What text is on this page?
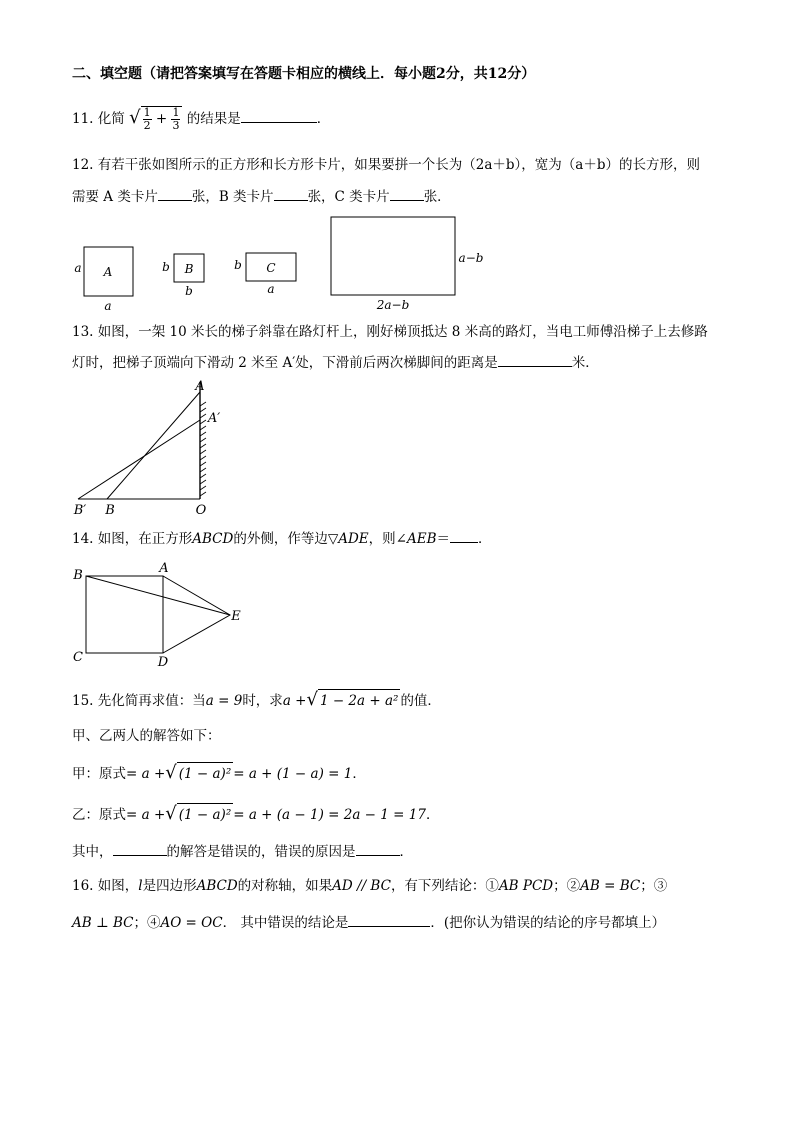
二、填空题（请把答案填写在答题卡相应的横线上．每小题2分，共12分）
11. 化简 √ $\frac{1}{2} + \frac{1}{3}$ 的结果是	．
12. 有若干张如图所示的正方形和长方形卡片，如果要拼一个长为（2a＋b），宽为（a＋b）的长方形，则
需要 A 类卡片	张，B 类卡片	张，C 类卡片	张．
A
a
a
B
b
b
C
b
a
a−b
2a−b
13. 如图，一架 10 米长的梯子斜靠在路灯杆上，刚好梯顶抵达 8 米高的路灯，当电工师傅沿梯子上去修路
灯时，把梯子顶端向下滑动 2 米至 A′处，下滑前后两次梯脚间的距离是	米．
A
A′
B
B′	O
14. 如图，在正方形ABCD的外侧，作等边▽ADE，则∠AEB＝ ．
B	A
E
C	D
15. 先化简再求值：当a = 9时，求a +√ 1 − 2a + a² 的值．
甲、乙两人的解答如下：
甲：原式= a +√ (1 − a)² = a + (1 − a) = 1．
乙：原式= a +√ (1 − a)² = a + (a − 1) = 2a − 1 = 17．
其中，	的解答是错误的，错误的原因是	．
16. 如图，l是四边形ABCD的对称轴，如果AD // BC，有下列结论：①AB PCD；②AB = BC；③
AB ⊥ BC；④AO = OC． 其中错误的结论是	．(把你认为错误的结论的序号都填上）
